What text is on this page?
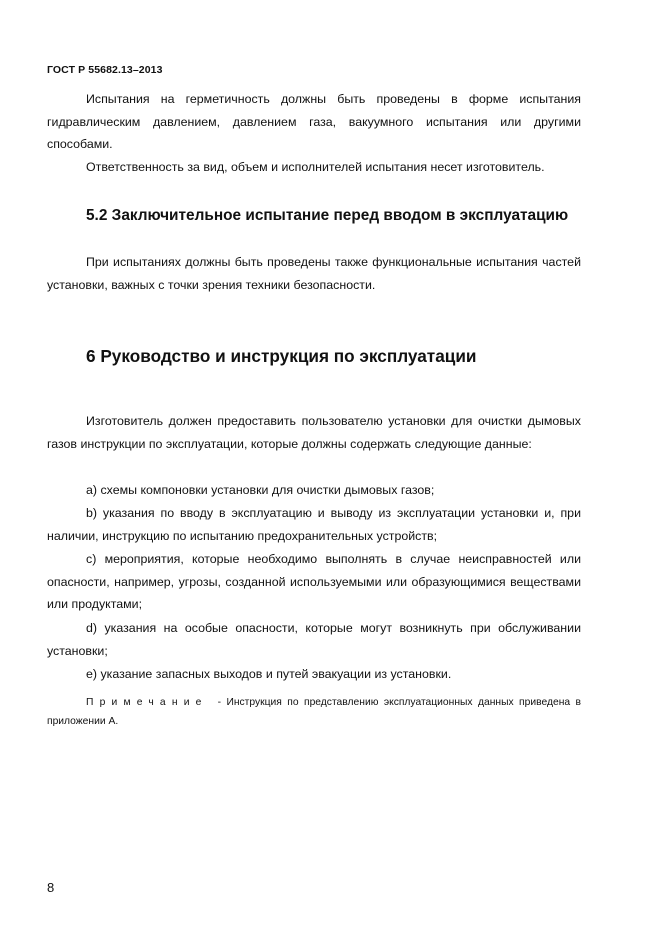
ГОСТ Р 55682.13–2013

Испытания на герметичность должны быть проведены в форме испытания гидравлическим давлением, давлением газа, вакуумного испытания или другими способами.

Ответственность за вид, объем и исполнителей испытания несет изготовитель.

5.2 Заключительное испытание перед вводом в эксплуатацию

При испытаниях должны быть проведены также функциональные испытания частей установки, важных с точки зрения техники безопасности.

6 Руководство и инструкция по эксплуатации

Изготовитель должен предоставить пользователю установки для очистки дымовых газов инструкции по эксплуатации, которые должны содержать следующие данные:

a) схемы компоновки установки для очистки дымовых газов;

b) указания по вводу в эксплуатацию и выводу из эксплуатации установки и, при наличии, инструкцию по испытанию предохранительных устройств;

c) мероприятия, которые необходимо выполнять в случае неисправностей или опасности, например, угрозы, созданной используемыми или образующимися веществами или продуктами;

d) указания на особые опасности, которые могут возникнуть при обслуживании установки;

e) указание запасных выходов и путей эвакуации из установки.

Примечание - Инструкция по представлению эксплуатационных данных приведена в приложении А.

8
